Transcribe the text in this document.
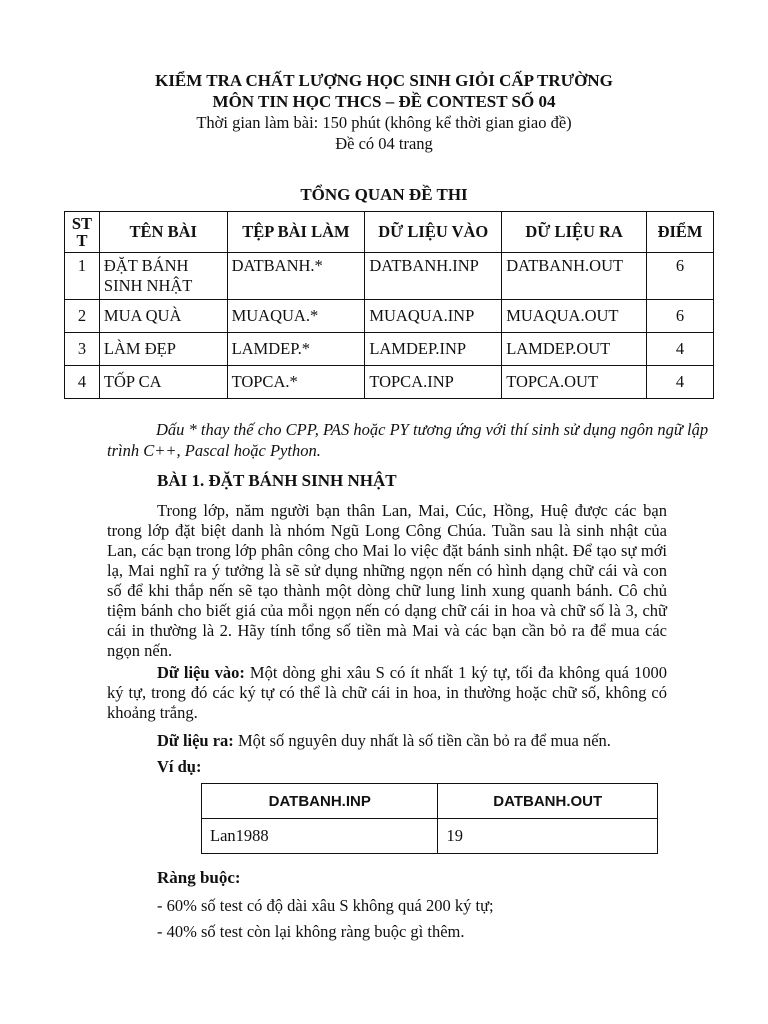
KIỂM TRA CHẤT LƯỢNG HỌC SINH GIỎI CẤP TRƯỜNG
MÔN TIN HỌC THCS – ĐỀ CONTEST SỐ 04
Thời gian làm bài: 150 phút (không kể thời gian giao đề)
Đề có 04 trang
TỔNG QUAN ĐỀ THI
ST T	TÊN BÀI	TỆP BÀI LÀM	DỮ LIỆU VÀO	DỮ LIỆU RA	ĐIỂM
1	ĐẶT BÁNH SINH NHẬT	DATBANH.*	DATBANH.INP	DATBANH.OUT	6
2	MUA QUÀ	MUAQUA.*	MUAQUA.INP	MUAQUA.OUT	6
3	LÀM ĐẸP	LAMDEP.*	LAMDEP.INP	LAMDEP.OUT	4
4	TỐP CA	TOPCA.*	TOPCA.INP	TOPCA.OUT	4
Dấu * thay thế cho CPP, PAS hoặc PY tương ứng với thí sinh sử dụng ngôn ngữ lập trình C++, Pascal hoặc Python.
BÀI 1. ĐẶT BÁNH SINH NHẬT
Trong lớp, năm người bạn thân Lan, Mai, Cúc, Hồng, Huệ được các bạn trong lớp đặt biệt danh là nhóm Ngũ Long Công Chúa. Tuần sau là sinh nhật của Lan, các bạn trong lớp phân công cho Mai lo việc đặt bánh sinh nhật. Để tạo sự mới lạ, Mai nghĩ ra ý tưởng là sẽ sử dụng những ngọn nến có hình dạng chữ cái và con số để khi thắp nến sẽ tạo thành một dòng chữ lung linh xung quanh bánh. Cô chủ tiệm bánh cho biết giá của mỗi ngọn nến có dạng chữ cái in hoa và chữ số là 3, chữ cái in thường là 2. Hãy tính tổng số tiền mà Mai và các bạn cần bỏ ra để mua các ngọn nến.
Dữ liệu vào: Một dòng ghi xâu S có ít nhất 1 ký tự, tối đa không quá 1000 ký tự, trong đó các ký tự có thể là chữ cái in hoa, in thường hoặc chữ số, không có khoảng trắng.
Dữ liệu ra: Một số nguyên duy nhất là số tiền cần bỏ ra để mua nến.
Ví dụ:
DATBANH.INP	DATBANH.OUT
Lan1988	19
Ràng buộc:
- 60% số test có độ dài xâu S không quá 200 ký tự;
- 40% số test còn lại không ràng buộc gì thêm.
